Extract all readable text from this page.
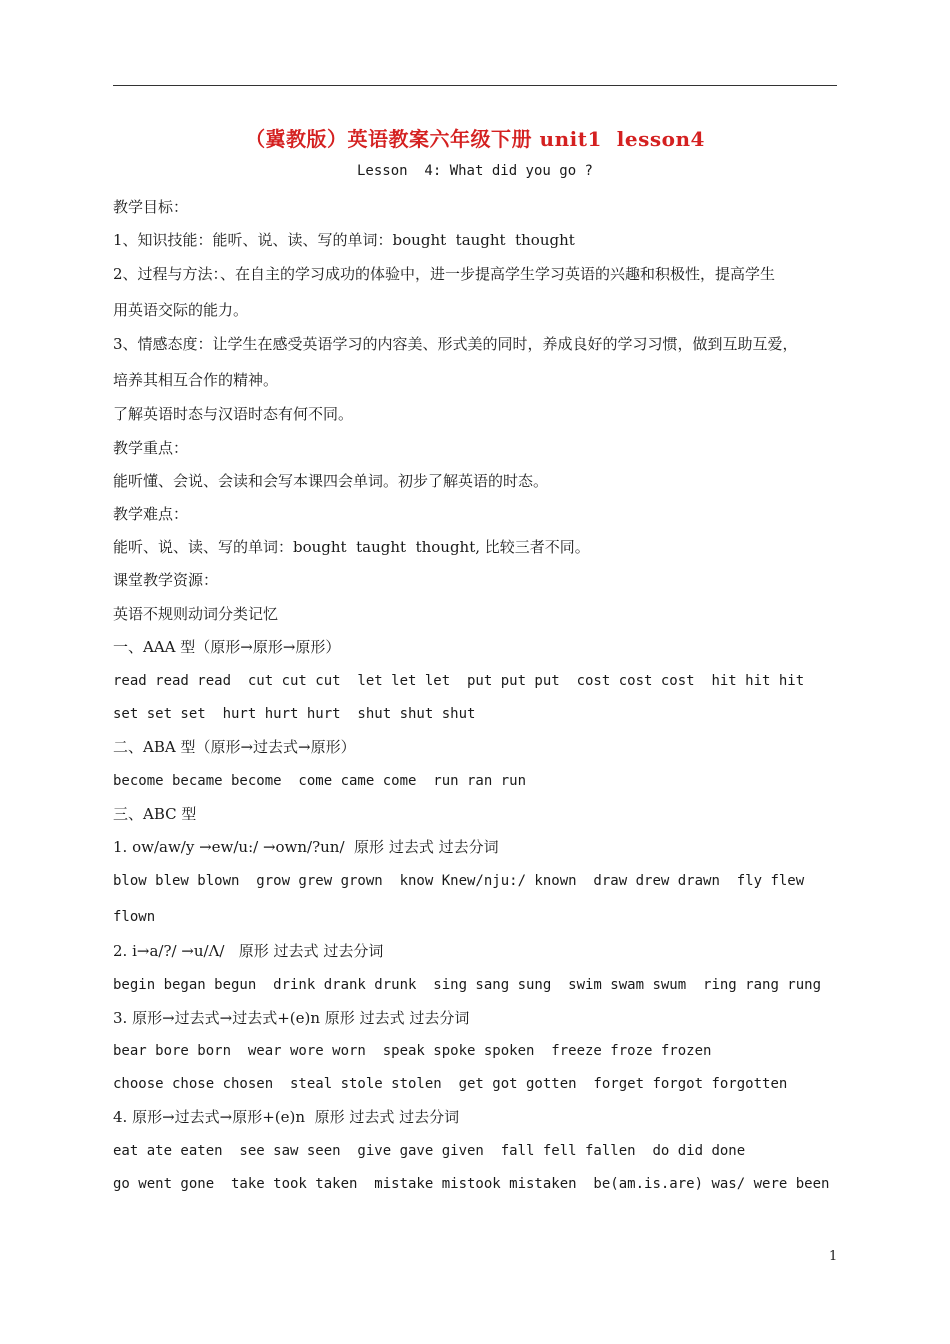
（冀教版）英语教案六年级下册 unit1  lesson4
Lesson  4: What did you go ?
教学目标：
1、知识技能：能听、说、读、写的单词：bought  taught  thought
2、过程与方法：、在自主的学习成功的体验中，进一步提高学生学习英语的兴趣和积极性，提高学生
用英语交际的能力。
3、情感态度：让学生在感受英语学习的内容美、形式美的同时，养成良好的学习习惯，做到互助互爱，
培养其相互合作的精神。
了解英语时态与汉语时态有何不同。
教学重点：
能听懂、会说、会读和会写本课四会单词。初步了解英语的时态。
教学难点：
能听、说、读、写的单词：bought  taught  thought, 比较三者不同。
课堂教学资源：
英语不规则动词分类记忆
一、AAA 型（原形→原形→原形）
read read read  cut cut cut  let let let  put put put  cost cost cost  hit hit hit
set set set  hurt hurt hurt  shut shut shut
二、ABA 型（原形→过去式→原形）
become became become  come came come  run ran run
三、ABC 型
1. ow/aw/y →ew/u:/ →own/?un/  原形 过去式 过去分词
blow blew blown  grow grew grown  know Knew/nju:/ known  draw drew drawn  fly flew
flown
2. i→a/?/ →u/Λ/   原形 过去式 过去分词
begin began begun  drink drank drunk  sing sang sung  swim swam swum  ring rang rung
3. 原形→过去式→过去式+(e)n 原形 过去式 过去分词
bear bore born  wear wore worn  speak spoke spoken  freeze froze frozen
choose chose chosen  steal stole stolen  get got gotten  forget forgot forgotten
4. 原形→过去式→原形+(e)n  原形 过去式 过去分词
eat ate eaten  see saw seen  give gave given  fall fell fallen  do did done
go went gone  take took taken  mistake mistook mistaken  be(am.is.are) was/ were been
1
